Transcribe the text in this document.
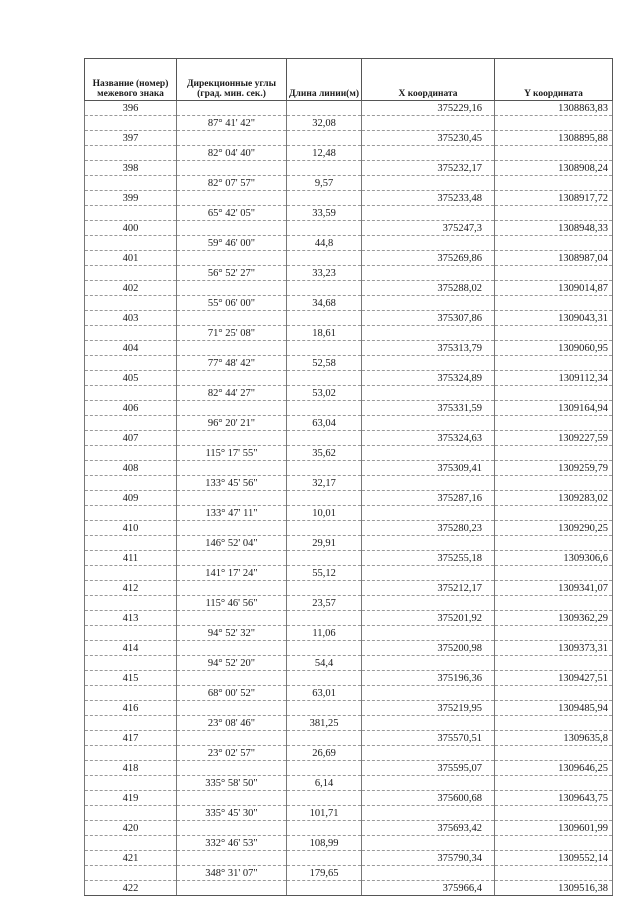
Название (номер) межевого знака	Дирекционные углы (град. мин. сек.)	Длина линии(м)	X координата	Y координата
396			375229,16	1308863,83
	87° 41' 42"	32,08		
397			375230,45	1308895,88
	82° 04' 40"	12,48		
398			375232,17	1308908,24
	82° 07' 57"	9,57		
399			375233,48	1308917,72
	65° 42' 05"	33,59		
400			375247,3	1308948,33
	59° 46' 00"	44,8		
401			375269,86	1308987,04
	56° 52' 27"	33,23		
402			375288,02	1309014,87
	55° 06' 00"	34,68		
403			375307,86	1309043,31
	71° 25' 08"	18,61		
404			375313,79	1309060,95
	77° 48' 42"	52,58		
405			375324,89	1309112,34
	82° 44' 27"	53,02		
406			375331,59	1309164,94
	96° 20' 21"	63,04		
407			375324,63	1309227,59
	115° 17' 55"	35,62		
408			375309,41	1309259,79
	133° 45' 56"	32,17		
409			375287,16	1309283,02
	133° 47' 11"	10,01		
410			375280,23	1309290,25
	146° 52' 04"	29,91		
411			375255,18	1309306,6
	141° 17' 24"	55,12		
412			375212,17	1309341,07
	115° 46' 56"	23,57		
413			375201,92	1309362,29
	94° 52' 32"	11,06		
414			375200,98	1309373,31
	94° 52' 20"	54,4		
415			375196,36	1309427,51
	68° 00' 52"	63,01		
416			375219,95	1309485,94
	23° 08' 46"	381,25		
417			375570,51	1309635,8
	23° 02' 57"	26,69		
418			375595,07	1309646,25
	335° 58' 50"	6,14		
419			375600,68	1309643,75
	335° 45' 30"	101,71		
420			375693,42	1309601,99
	332° 46' 53"	108,99		
421			375790,34	1309552,14
	348° 31' 07"	179,65		
422			375966,4	1309516,38
